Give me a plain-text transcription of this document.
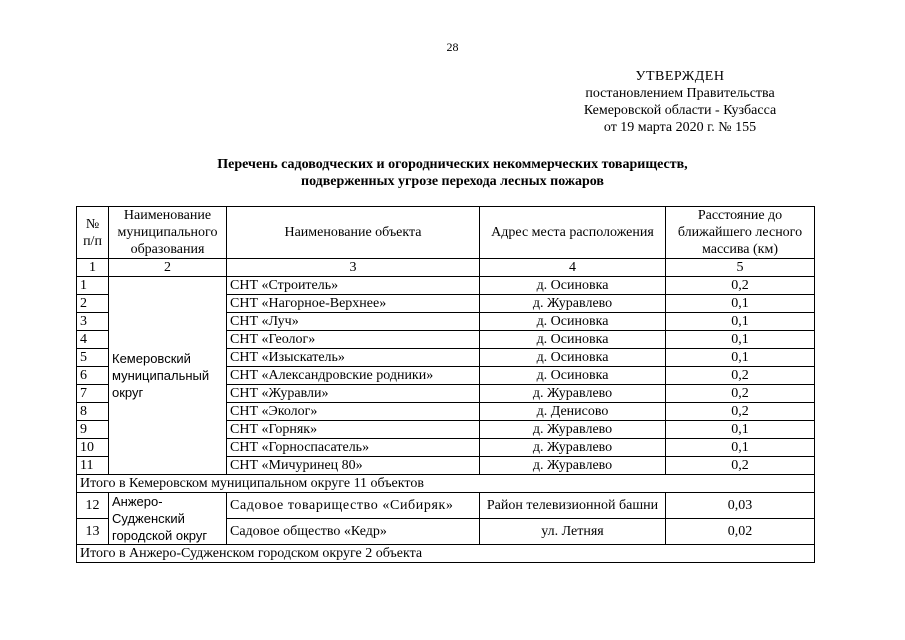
28
УТВЕРЖДЕН
постановлением Правительства
Кемеровской области - Кузбасса
от 19 марта 2020 г. № 155
Перечень садоводческих и огороднических некоммерческих товариществ,
подверженных угрозе перехода лесных пожаров
№ п/п	Наименование муниципального образования	Наименование объекта	Адрес места расположения	Расстояние до ближайшего лесного массива (км)
1	2	3	4	5
1	Кемеровский муниципальный округ	СНТ «Строитель»	д. Осиновка	0,2
2		СНТ «Нагорное-Верхнее»	д. Журавлево	0,1
3		СНТ «Луч»	д. Осиновка	0,1
4		СНТ «Геолог»	д. Осиновка	0,1
5		СНТ «Изыскатель»	д. Осиновка	0,1
6		СНТ «Александровские родники»	д. Осиновка	0,2
7		СНТ «Журавли»	д. Журавлево	0,2
8		СНТ «Эколог»	д. Денисово	0,2
9		СНТ «Горняк»	д. Журавлево	0,1
10		СНТ «Горноспасатель»	д. Журавлево	0,1
11		СНТ «Мичуринец 80»	д. Журавлево	0,2
Итого в Кемеровском муниципальном округе 11 объектов				
12	Анжеро-Судженский городской округ	Садовое товарищество «Сибиряк»	Район телевизионной башни	0,03
13		Садовое общество «Кедр»	ул. Летняя	0,02
Итого в Анжеро-Судженском городском округе 2 объекта				
